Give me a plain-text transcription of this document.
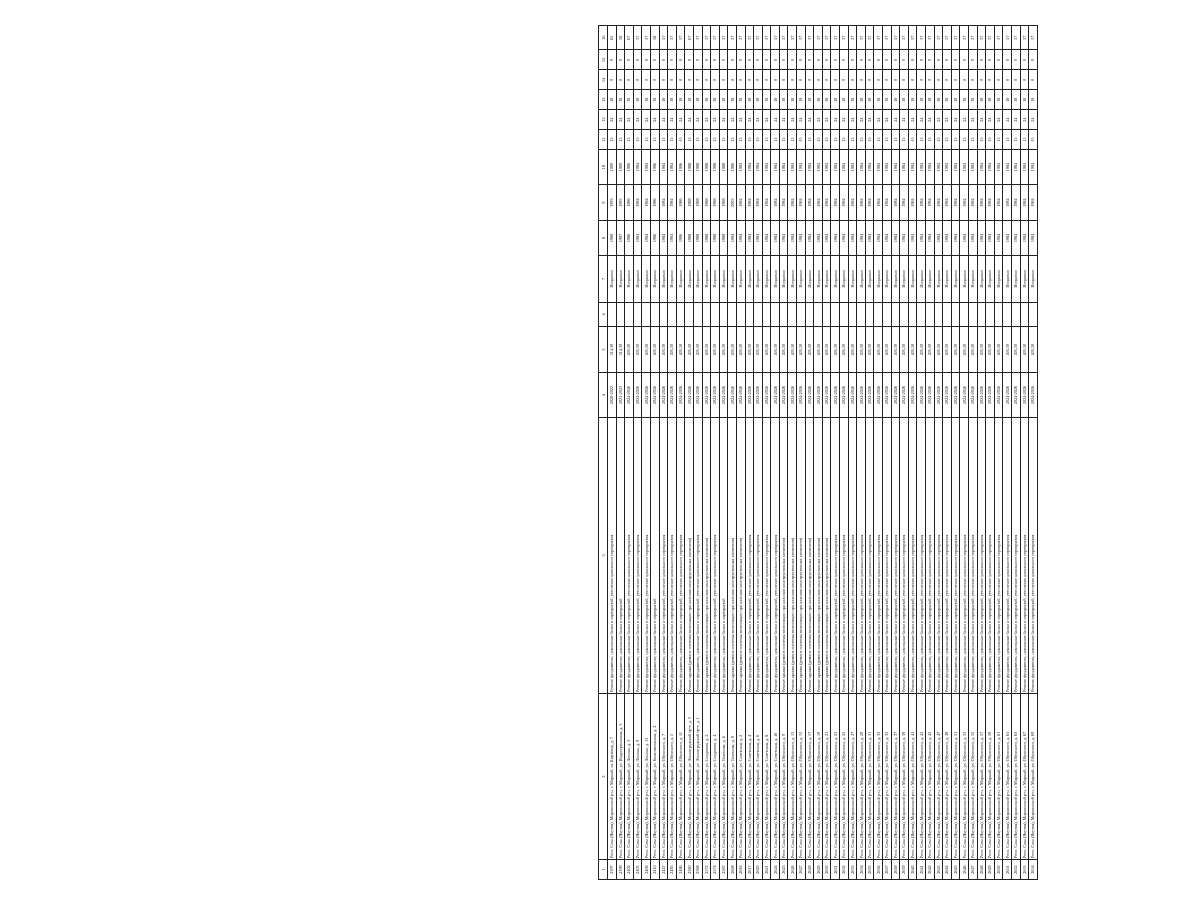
1	2	3	4	5	6	7	8	9	10	11	12	13	14	15	16
2397	Респ. Саха (Якутия), Мирнинский р-н, г. Мирный, ш. Кирзавод, д. 7	Ремонт фундамента, цокольные балки и перекрытий, утепление цокольного перекрытия	2020-2022	514,30		Исправно	1988	1993	1989	15	24	18	0	0	65
2398	Респ. Саха (Якутия), Мирнинский р-н, г. Мирный, ул. Индустриальная, д. 3	Ремонт фундамента, цокольные балки и перекрытий	2021-2023	514,30		Исправно	1987	1993	1989	15	24	18	0	0	58
2402	Респ. Саха (Якутия), Мирнинский р-н, г. Мирный, ул. Ленина, д. 3	Ремонт фундамента, цокольные балки и перекрытий, утепление цокольного перекрытия	2024-2026	405,30		Исправно	1986	1986	1986	15	24	18	0	0	67
2403	Респ. Саха (Якутия), Мирнинский р-н, г. Мирный, ул. Ленина, д. 9	Ремонт фундамента, цокольные балки и перекрытий, утепление цокольного перекрытия	2024-2026	405,30		Исправно	1984	1984	1984	15	24	18	0	0	57
2408	Респ. Саха (Якутия), Мирнинский р-н, г. Мирный, ул. Ленина, д. 11	Ремонт фундамента, цокольные балки и перекрытий, утепление цокольного перекрытия	2024-2026	405,30		Исправно	1984	1984	1984	15	24	18	0	0	57
2410	Респ. Саха (Якутия), Мирнинский р-н, г. Мирный, ул. Комсомольская, д. 2	Ремонт фундамента, цокольные балки и перекрытий	2024-2026	405,30		Исправно	1986	1986	1986	15	24	18	0	0	58
2447	Респ. Саха (Якутия), Мирнинский р-н, г. Мирный, ул. Ойунского, д. 7	Ремонт фундамента, цокольные балки и перекрытий, утепление цокольного перекрытия	2024-2026	405,30		Исправно	1984	1984	1984	15	24	18	0	0	57
2485	Респ. Саха (Якутия), Мирнинский р-н, г. Мирный, ул. Ойунского, д. 5	Ремонт фундамента, цокольные балки и перекрытий, утепление цокольного перекрытия	2024-2026	405,30		Исправно	1984	1984	1984	15	24	18	0	0	57
2486	Респ. Саха (Якутия), Мирнинский р-н, г. Мирный, ул. Ойунского, д. 11	Ремонт фундамента, цокольные балки и перекрытий, утепление цокольного перекрытия	2024-2026	405,30		Исправно	1986	1986	1986	15	24	18	0	0	57
2560	Респ. Саха (Якутия), Мирнинский р-н, г. Мирный, ул. Ленинградский пр-т, д. 3	Ремонт крыши (ремонт системы вентиляции при наличии конструктивных элементов)	2024-2026	405,30		Исправно	1988	1988	1988	15	24	18	0	0	67
2568	Респ. Саха (Якутия), Мирнинский р-н, г. Мирный, ул. Ленинградский пр-т, д. 1	Ремонт фундамента, цокольные балки и перекрытий, утепление цокольного перекрытия	2024-2026	405,30		Исправно	1988	1988	1988	15	24	18	0	0	57
2572	Респ. Саха (Якутия), Мирнинский р-н, г. Мирный, ул. Солдатова, д. 2	Ремонт крыши (ремонт системы вентиляции при наличии конструктивных элементов)	2024-2026	405,30		Исправно	1988	1988	1988	15	24	18	0	0	57
2574	Респ. Саха (Якутия), Мирнинский р-н, г. Мирный, ул. Солдатова, д. 4	Ремонт фундамента, цокольные балки и перекрытий, утепление цокольного перекрытия	2024-2026	405,30		Исправно	1988	1988	1988	15	24	18	0	0	57
2587	Респ. Саха (Якутия), Мирнинский р-н, г. Мирный, ул. Тихонова, д. 6	Ремонт фундамента, цокольные балки и перекрытий	2024-2026	405,30		Исправно	1988	1988	1988	15	24	18	0	0	57
2608	Респ. Саха (Якутия), Мирнинский р-н, г. Мирный, ул. Тихонова, д. 8	Ремонт крыши (ремонт системы вентиляции при наличии конструктивных элементов)	2024-2026	405,30		Исправно	1984	2003	1986	15	24	18	0	0	57
2616	Респ. Саха (Якутия), Мирнинский р-н, г. Мирный, ул. Советская, д. 2	Ремонт крыши (ремонт системы вентиляции при наличии конструктивных элементов)	2024-2026	405,30		Исправно	1984	1984	1984	15	24	18	0	0	57
2617	Респ. Саха (Якутия), Мирнинский р-н, г. Мирный, ул. Советская, д. 4	Ремонт фундамента, цокольные балки и перекрытий, утепление цокольного перекрытия	2024-2026	405,30		Исправно	1984	1984	1984	15	24	18	0	0	57
2620	Респ. Саха (Якутия), Мирнинский р-н, г. Мирный, ул. Советская, д. 6	Ремонт фундамента, цокольные балки и перекрытий, утепление цокольного перекрытия	2024-2026	405,30		Исправно	1984	1984	1984	15	24	18	0	0	57
2621	Респ. Саха (Якутия), Мирнинский р-н, г. Мирный, ул. Советская, д. 8	Ремонт фундамента, цокольные балки и перекрытий, утепление цокольного перекрытия	2024-2026	405,30		Исправно	1984	1984	1984	15	24	18	0	0	57
2624	Респ. Саха (Якутия), Мирнинский р-н, г. Мирный, ул. Советская, д. 10	Ремонт фундамента, цокольные балки и перекрытий, утепление цокольного перекрытия	2024-2026	405,30		Исправно	1984	1984	1984	15	24	18	0	0	57
2625	Респ. Саха (Якутия), Мирнинский р-н, г. Мирный, ул. Ойунского, д. 9	Ремонт крыши (ремонт системы вентиляции при наличии конструктивных элементов)	2024-2026	405,30		Исправно	1984	1984	1984	15	24	18	0	0	57
2626	Респ. Саха (Якутия), Мирнинский р-н, г. Мирный, ул. Ойунского, д. 13	Ремонт крыши (ремонт системы вентиляции при наличии конструктивных элементов)	2024-2026	405,30		Исправно	1984	1984	1984	15	24	18	0	0	57
2627	Респ. Саха (Якутия), Мирнинский р-н, г. Мирный, ул. Ойунского, д. 15	Ремонт крыши (ремонт системы вентиляции при наличии конструктивных элементов)	2024-2026	405,30		Исправно	1984	1984	1984	15	24	18	0	0	57
2628	Респ. Саха (Якутия), Мирнинский р-н, г. Мирный, ул. Ойунского, д. 17	Ремонт крыши (ремонт системы вентиляции при наличии конструктивных элементов)	2024-2026	405,30		Исправно	1984	1984	1984	15	24	18	0	0	57
2629	Респ. Саха (Якутия), Мирнинский р-н, г. Мирный, ул. Ойунского, д. 19	Ремонт крыши (ремонт системы вентиляции при наличии конструктивных элементов)	2024-2026	405,30		Исправно	1984	1984	1984	15	24	18	0	0	57
2630	Респ. Саха (Якутия), Мирнинский р-н, г. Мирный, ул. Ойунского, д. 21	Ремонт крыши (ремонт системы вентиляции при наличии конструктивных элементов)	2024-2026	405,30		Исправно	1984	1984	1984	15	24	18	0	0	57
2631	Респ. Саха (Якутия), Мирнинский р-н, г. Мирный, ул. Ойунского, д. 23	Ремонт фундамента, цокольные балки и перекрытий, утепление цокольного перекрытия	2024-2026	405,30		Исправно	1984	1984	1984	15	24	18	0	0	57
2632	Респ. Саха (Якутия), Мирнинский р-н, г. Мирный, ул. Ойунского, д. 25	Ремонт фундамента, цокольные балки и перекрытий, утепление цокольного перекрытия	2024-2026	405,30		Исправно	1984	1984	1984	15	24	18	0	0	57
2633	Респ. Саха (Якутия), Мирнинский р-н, г. Мирный, ул. Ойунского, д. 27	Ремонт фундамента, цокольные балки и перекрытий, утепление цокольного перекрытия	2024-2026	405,30		Исправно	1984	1984	1984	15	24	18	0	0	57
2634	Респ. Саха (Якутия), Мирнинский р-н, г. Мирный, ул. Ойунского, д. 29	Ремонт фундамента, цокольные балки и перекрытий, утепление цокольного перекрытия	2024-2026	405,30		Исправно	1984	1984	1984	15	24	18	0	0	57
2635	Респ. Саха (Якутия), Мирнинский р-н, г. Мирный, ул. Ойунского, д. 31	Ремонт фундамента, цокольные балки и перекрытий, утепление цокольного перекрытия	2024-2026	405,30		Исправно	1984	1984	1984	15	24	18	0	0	57
2636	Респ. Саха (Якутия), Мирнинский р-н, г. Мирный, ул. Ойунского, д. 33	Ремонт фундамента, цокольные балки и перекрытий, утепление цокольного перекрытия	2024-2026	405,30		Исправно	1984	1984	1984	15	24	18	0	0	57
2637	Респ. Саха (Якутия), Мирнинский р-н, г. Мирный, ул. Ойунского, д. 35	Ремонт фундамента, цокольные балки и перекрытий, утепление цокольного перекрытия	2024-2026	405,30		Исправно	1984	1984	1984	15	24	18	0	0	57
2638	Респ. Саха (Якутия), Мирнинский р-н, г. Мирный, ул. Ойунского, д. 37	Ремонт фундамента, цокольные балки и перекрытий, утепление цокольного перекрытия	2024-2026	405,30		Исправно	1984	1984	1984	15	24	18	0	0	57
2639	Респ. Саха (Якутия), Мирнинский р-н, г. Мирный, ул. Ойунского, д. 39	Ремонт фундамента, цокольные балки и перекрытий, утепление цокольного перекрытия	2024-2026	405,30		Исправно	1984	1984	1984	15	24	18	0	0	57
2640	Респ. Саха (Якутия), Мирнинский р-н, г. Мирный, ул. Ойунского, д. 41	Ремонт фундамента, цокольные балки и перекрытий, утепление цокольного перекрытия	2024-2026	405,30		Исправно	1984	1984	1984	15	24	18	0	0	57
2641	Респ. Саха (Якутия), Мирнинский р-н, г. Мирный, ул. Ойунского, д. 43	Ремонт фундамента, цокольные балки и перекрытий, утепление цокольного перекрытия	2024-2026	405,30		Исправно	1984	1984	1984	15	24	18	0	0	57
2642	Респ. Саха (Якутия), Мирнинский р-н, г. Мирный, ул. Ойунского, д. 45	Ремонт фундамента, цокольные балки и перекрытий, утепление цокольного перекрытия	2024-2026	405,30		Исправно	1984	1984	1984	15	24	18	0	0	57
2643	Респ. Саха (Якутия), Мирнинский р-н, г. Мирный, ул. Ойунского, д. 47	Ремонт фундамента, цокольные балки и перекрытий, утепление цокольного перекрытия	2024-2026	405,30		Исправно	1984	1984	1984	15	24	18	0	0	57
2644	Респ. Саха (Якутия), Мирнинский р-н, г. Мирный, ул. Ойунского, д. 49	Ремонт фундамента, цокольные балки и перекрытий, утепление цокольного перекрытия	2024-2026	405,30		Исправно	1984	1984	1984	15	24	18	0	0	57
2645	Респ. Саха (Якутия), Мирнинский р-н, г. Мирный, ул. Ойунского, д. 51	Ремонт фундамента, цокольные балки и перекрытий, утепление цокольного перекрытия	2024-2026	405,30		Исправно	1984	1984	1984	15	24	18	0	0	57
2646	Респ. Саха (Якутия), Мирнинский р-н, г. Мирный, ул. Ойунского, д. 53	Ремонт фундамента, цокольные балки и перекрытий, утепление цокольного перекрытия	2024-2026	405,30		Исправно	1984	1984	1984	15	24	18	0	0	57
2647	Респ. Саха (Якутия), Мирнинский р-н, г. Мирный, ул. Ойунского, д. 55	Ремонт фундамента, цокольные балки и перекрытий, утепление цокольного перекрытия	2024-2026	405,30		Исправно	1984	1984	1984	15	24	18	0	0	57
2648	Респ. Саха (Якутия), Мирнинский р-н, г. Мирный, ул. Ойунского, д. 57	Ремонт фундамента, цокольные балки и перекрытий, утепление цокольного перекрытия	2024-2026	405,30		Исправно	1984	1984	1984	15	24	18	0	0	57
2649	Респ. Саха (Якутия), Мирнинский р-н, г. Мирный, ул. Ойунского, д. 59	Ремонт фундамента, цокольные балки и перекрытий, утепление цокольного перекрытия	2024-2026	405,30		Исправно	1984	1984	1984	15	24	18	0	0	57
2650	Респ. Саха (Якутия), Мирнинский р-н, г. Мирный, ул. Ойунского, д. 61	Ремонт фундамента, цокольные балки и перекрытий, утепление цокольного перекрытия	2024-2026	405,30		Исправно	1984	1984	1984	15	24	18	0	0	57
2651	Респ. Саха (Якутия), Мирнинский р-н, г. Мирный, ул. Ойунского, д. 63	Ремонт фундамента, цокольные балки и перекрытий, утепление цокольного перекрытия	2024-2026	405,30		Исправно	1984	1984	1984	15	24	18	0	0	57
2652	Респ. Саха (Якутия), Мирнинский р-н, г. Мирный, ул. Ойунского, д. 65	Ремонт фундамента, цокольные балки и перекрытий, утепление цокольного перекрытия	2024-2026	405,30		Исправно	1984	1984	1984	15	24	18	0	0	57
2653	Респ. Саха (Якутия), Мирнинский р-н, г. Мирный, ул. Ойунского, д. 67	Ремонт фундамента, цокольные балки и перекрытий, утепление цокольного перекрытия	2024-2026	405,30		Исправно	1984	1984	1984	15	24	18	0	0	57
2654	Респ. Саха (Якутия), Мирнинский р-н, г. Мирный, ул. Ойунского, д. 69	Ремонт фундамента, цокольные балки и перекрытий, утепление цокольного перекрытия	2024-2026	405,30		Исправно	1984	1984	1984	15	24	18	0	0	57
